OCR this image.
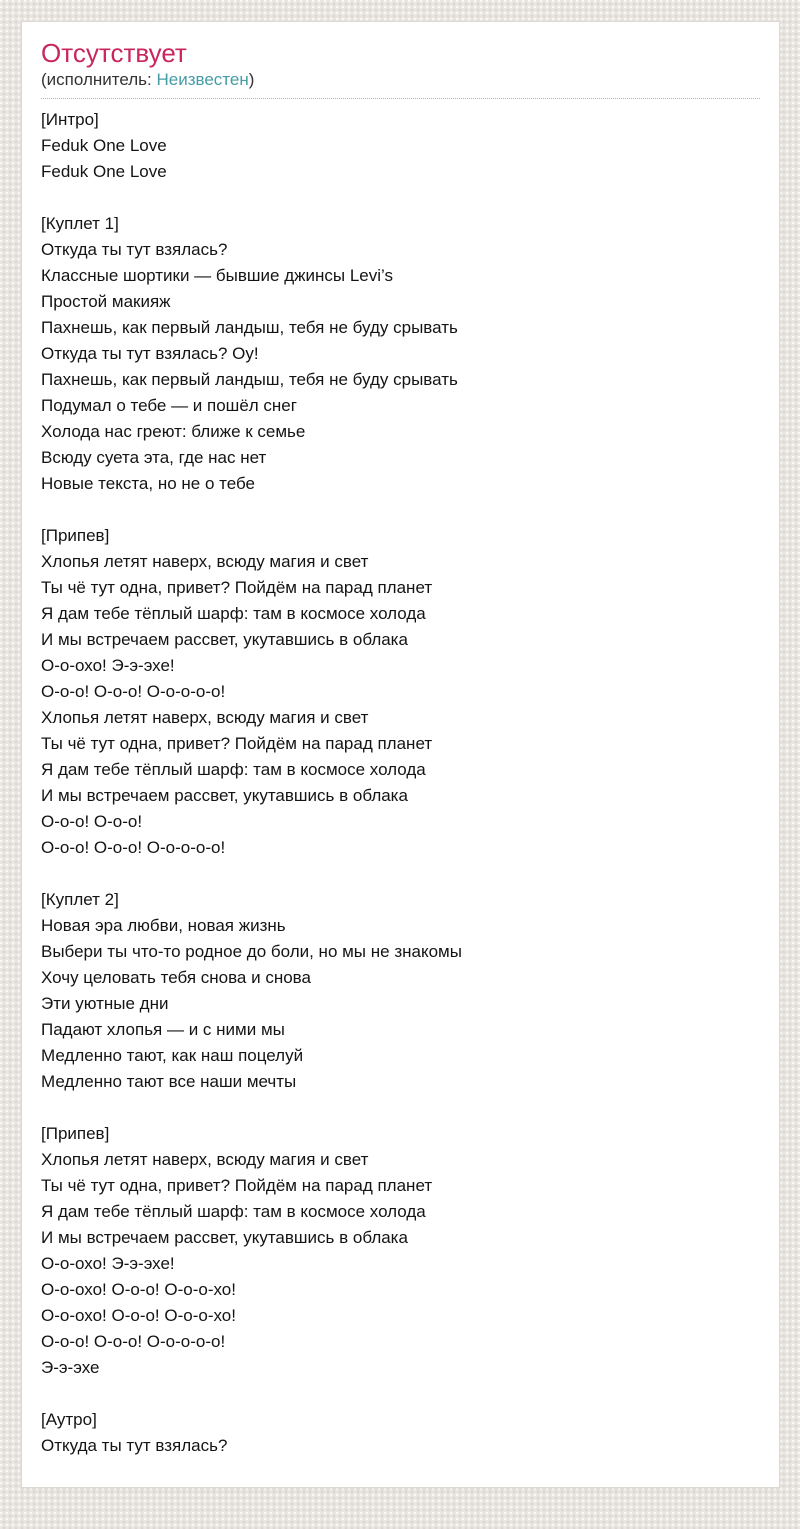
Отсутствует
(исполнитель: Неизвестен)
[Интро]
Feduk One Love
Feduk One Love
[Куплет 1]
Откуда ты тут взялась?
Классные шортики — бывшие джинсы Levi’s
Простой макияж
Пахнешь, как первый ландыш, тебя не буду срывать
Откуда ты тут взялась? Оу!
Пахнешь, как первый ландыш, тебя не буду срывать
Подумал о тебе — и пошёл снег
Холода нас греют: ближе к семье
Всюду суета эта, где нас нет
Новые текста, но не о тебе
[Припев]
Хлопья летят наверх, всюду магия и свет
Ты чё тут одна, привет? Пойдём на парад планет
Я дам тебе тёплый шарф: там в космосе холода
И мы встречаем рассвет, укутавшись в облака
О-о-охо! Э-э-эхе!
О-о-о! О-о-о! О-о-о-о-о!
Хлопья летят наверх, всюду магия и свет
Ты чё тут одна, привет? Пойдём на парад планет
Я дам тебе тёплый шарф: там в космосе холода
И мы встречаем рассвет, укутавшись в облака
О-о-о! О-о-о!
О-о-о! О-о-о! О-о-о-о-о!
[Куплет 2]
Новая эра любви, новая жизнь
Выбери ты что-то родное до боли, но мы не знакомы
Хочу целовать тебя снова и снова
Эти уютные дни
Падают хлопья — и с ними мы
Медленно тают, как наш поцелуй
Медленно тают все наши мечты
[Припев]
Хлопья летят наверх, всюду магия и свет
Ты чё тут одна, привет? Пойдём на парад планет
Я дам тебе тёплый шарф: там в космосе холода
И мы встречаем рассвет, укутавшись в облака
О-о-охо! Э-э-эхе!
О-о-охо! О-о-о! О-о-о-хо!
О-о-охо! О-о-о! О-о-о-хо!
О-о-о! О-о-о! О-о-о-о-о!
Э-э-эхе
[Аутро]
Откуда ты тут взялась?
